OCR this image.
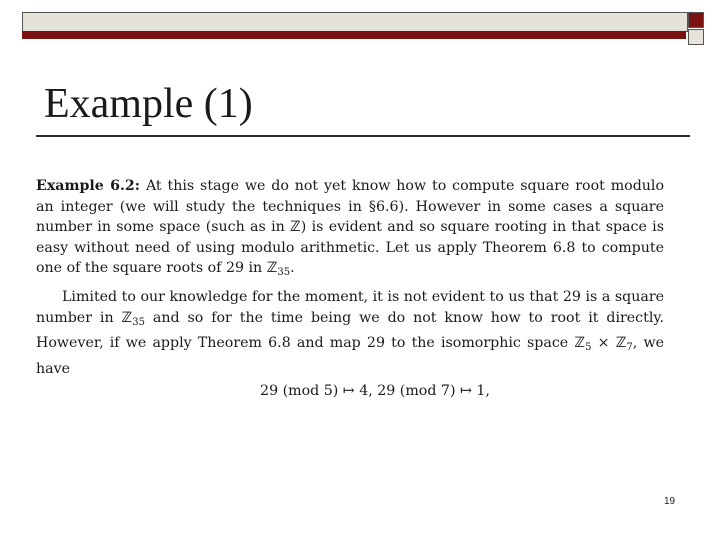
Example (1)

Example 6.2: At this stage we do not yet know how to compute square root modulo an integer (we will study the techniques in §6.6). However in some cases a square number in some space (such as in ℤ) is evident and so square rooting in that space is easy without need of using modulo arithmetic. Let us apply Theorem 6.8 to compute one of the square roots of 29 in ℤ$_{35}$.

Limited to our knowledge for the moment, it is not evident to us that 29 is a square number in ℤ$_{35}$ and so for the time being we do not know how to root it directly. However, if we apply Theorem 6.8 and map 29 to the isomorphic space ℤ$_5$ × ℤ$_7$, we have

29 (mod 5) ↦ 4, 29 (mod 7) ↦ 1,
19
